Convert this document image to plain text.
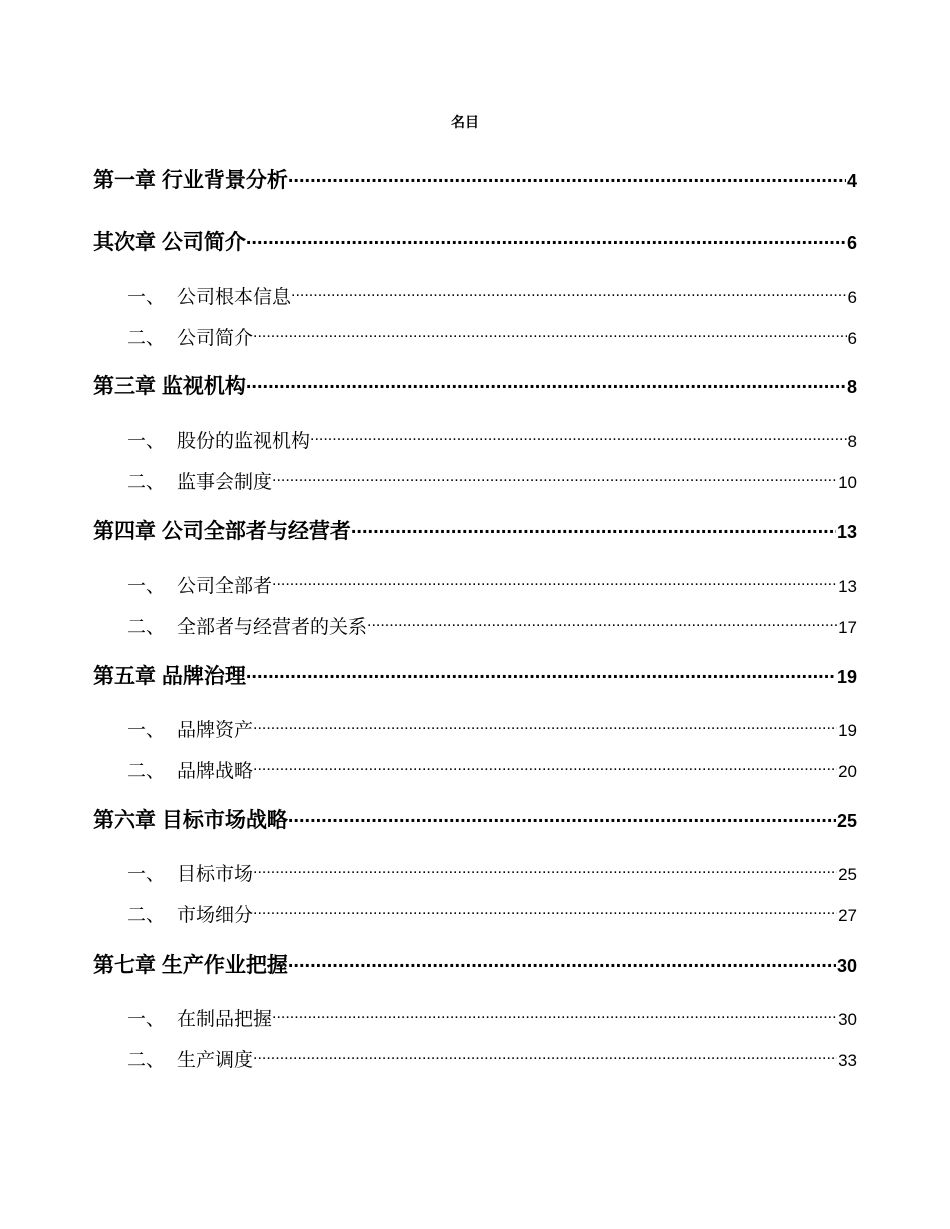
名目
第一章 行业背景分析 .....	4
其次章 公司简介 .....	6
一、 公司根本信息 .....	6
二、 公司简介 .....	6
第三章 监视机构 .....	8
一、 股份的监视机构 .....	8
二、 监事会制度 .....	10
第四章 公司全部者与经营者 .....	13
一、 公司全部者 .....	13
二、 全部者与经营者的关系 .....	17
第五章 品牌治理 .....	19
一、 品牌资产 .....	19
二、 品牌战略 .....	20
第六章 目标市场战略 .....	25
一、 目标市场 .....	25
二、 市场细分 .....	27
第七章 生产作业把握 .....	30
一、 在制品把握 .....	30
二、 生产调度 .....	33
